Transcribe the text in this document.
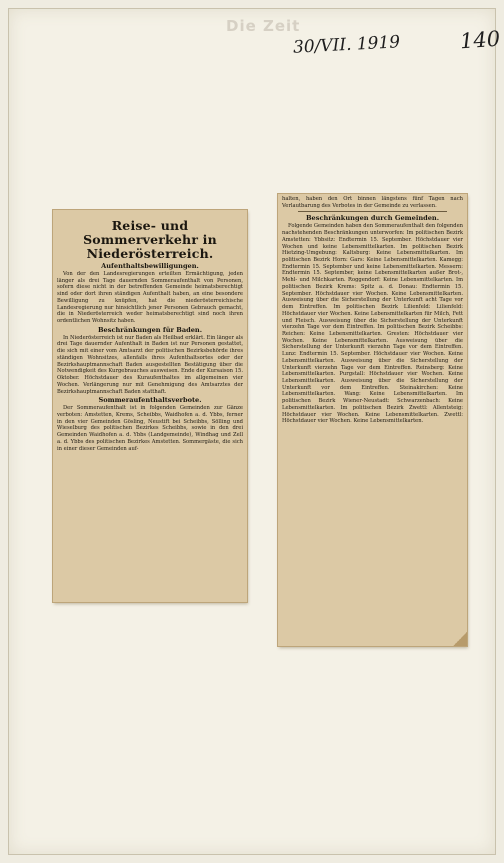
Die Zeit
30/VII. 1919	140
Reise- und Sommerverkehr in
Niederösterreich.
Aufenthaltsbewilligungen.

Von der den Landesregierungen erteilten Ermächtigung, jeden länger als drei Tage dauernden Sommeraufenthalt von Personen, sofern diese nicht in der betreffenden Gemeinde heimatsberechtigt sind oder dort ihren ständigen Aufenthalt haben, an eine besondere Bewilligung zu knüpfen, hat die niederösterreichische Landesregierung nur hinsichtlich jener Personen Gebrauch gemacht, die in Niederösterreich weder heimatsberechtigt sind noch ihren ordentlichen Wohnsitz haben.

Beschränkungen für Baden.

In Niederösterreich ist nur Baden als Heilbad erklärt. Ein länger als drei Tage dauernder Aufenthalt in Baden ist nur Personen gestattet, die sich mit einer vom Amtsarzt der politischen Bezirksbehörde ihres ständigen Wohnsitzes, allenfalls ihres Aufenthaltsortes oder der Bezirkshauptmannschaft Baden ausgestellten Bestätigung über die Notwendigkeit des Kurgebrauches ausweisen. Ende der Kursaison 15. Oktober. Höchstdauer des Kuraufenthaltes im allgemeinen vier Wochen. Verlängerung nur mit Genehmigung des Amtsarztes der Bezirkshauptmannschaft Baden statthaft.

Sommeraufenthaltsverbote.

Der Sommeraufenthalt ist in folgenden Gemeinden zur Gänze verboten: Amstetten, Krems, Scheibbs, Waidhofen a. d. Ybbs, ferner in den vier Gemeinden Gösling, Neustift bei Scheibbs, Sölling und Wieselburg des politischen Bezirkes Scheibbs, sowie in den drei Gemeinden Waidhofen a. d. Ybbs (Landgemeinde), Windhag und Zell a. d. Ybbs des politischen Bezirkes Amstetten. Sommergäste, die sich in einer dieser Gemeinden auf-

halten, haben den Ort binnen längstens fünf Tagen nach Verlautbarung des Verbotes in der Gemeinde zu verlassen.

Beschränkungen durch Gemeinden.

Folgende Gemeinden haben den Sommeraufenthalt den folgenden nachstehenden Beschränkungen unterworfen: Im politischen Bezirk Amstetten: Ybbsitz: Endtermin 15. September. Höchstdauer vier Wochen und keine Lebensmittelkarten. Im politischen Bezirk Hietzing-Umgebung: Kaltsburg: Keine Lebensmittelkarten. Im politischen Bezirk Horn: Gars: Keine Lebensmittelkarten. Kamegg: Endtermin 15. September und keine Lebensmittelkarten. Messern: Endtermin 15. September, keine Lebensmittelkarten außer Brot-, Mehl- und Milchkarten. Roggendorf: Keine Lebensmittelkarten. Im politischen Bezirk Krems: Spitz a. d. Donau: Endtermin 15. September. Höchstdauer vier Wochen. Keine Lebensmittelkarten. Ausweisung über die Sicherstellung der Unterkunft acht Tage vor dem Eintreffen. Im politischen Bezirk Lilienfeld: Lilienfeld: Höchstdauer vier Wochen. Keine Lebensmittelkarten für Milch, Fett und Fleisch. Ausweisung über die Sicherstellung der Unterkunft vierzehn Tage vor dem Eintreffen. Im politischen Bezirk Scheibbs: Reichen: Keine Lebensmittelkarten. Gresten: Höchstdauer vier Wochen. Keine Lebensmittelkarten. Ausweisung über die Sicherstellung der Unterkunft vierzehn Tage vor dem Eintreffen. Lunz: Endtermin 15. September. Höchstdauer vier Wochen. Keine Lebensmittelkarten. Ausweisung über die Sicherstellung der Unterkunft vierzehn Tage vor dem Eintreffen. Reinsberg: Keine Lebensmittelkarten. Purgstall: Höchstdauer vier Wochen. Keine Lebensmittelkarten. Ausweisung über die Sicherstellung der Unterkunft vor dem Eintreffen. Steinakirchen: Keine Lebensmittelkarten. Wang: Keine Lebensmittelkarten. Im politischen Bezirk Wiener-Neustadt: Schwarzenbach: Keine Lebensmittelkarten. Im politischen Bezirk Zwettl: Allentsteig: Höchstdauer vier Wochen. Keine Lebensmittelkarten. Zwettl: Höchstdauer vier Wochen. Keine Lebensmittelkarten.
